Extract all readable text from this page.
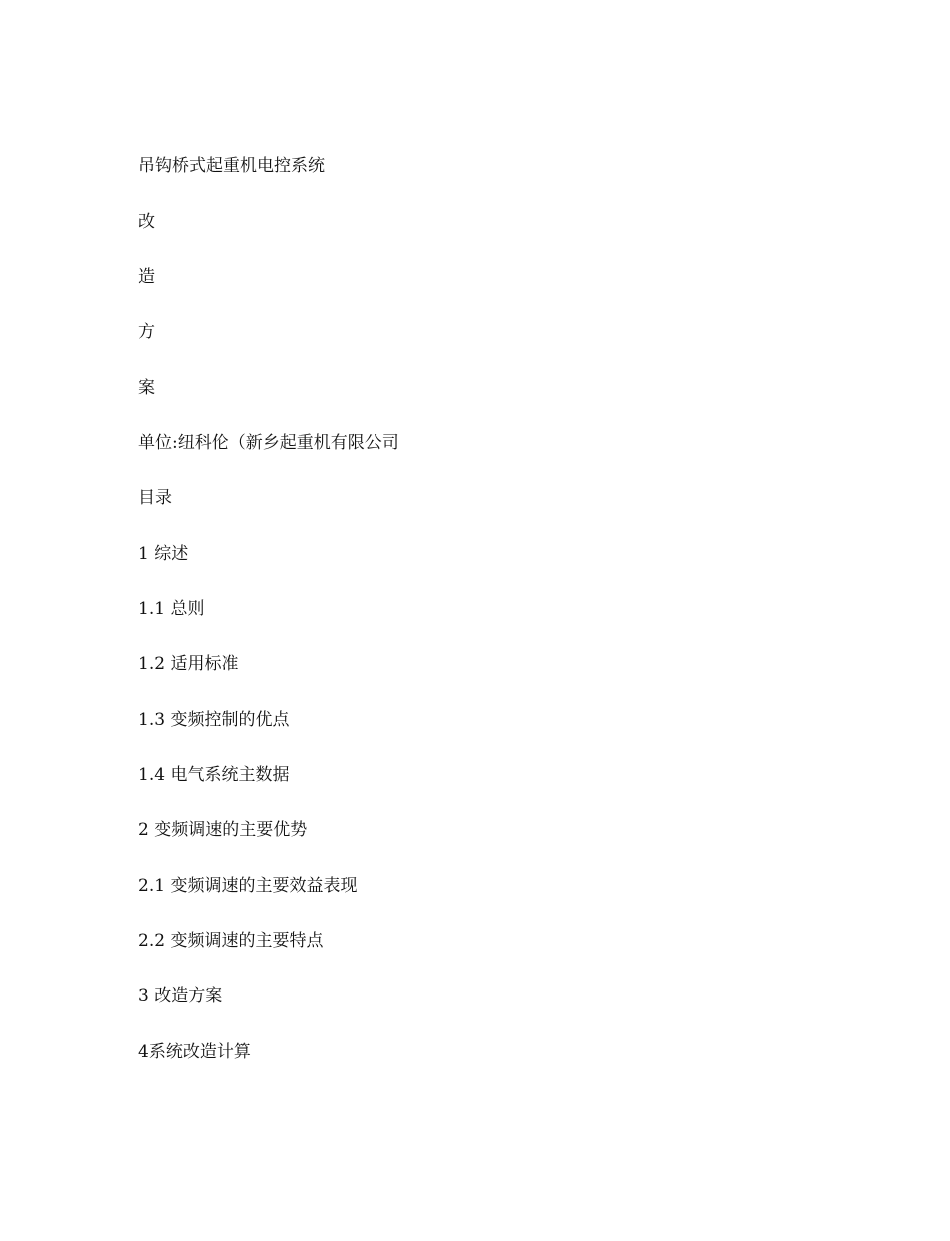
吊钩桥式起重机电控系统

改

造

方

案

单位:纽科伦（新乡起重机有限公司

目录

1 综述

1.1 总则

1.2 适用标准

1.3 变频控制的优点

1.4 电气系统主数据

2 变频调速的主要优势

2.1 变频调速的主要效益表现

2.2 变频调速的主要特点

3 改造方案

4系统改造计算
